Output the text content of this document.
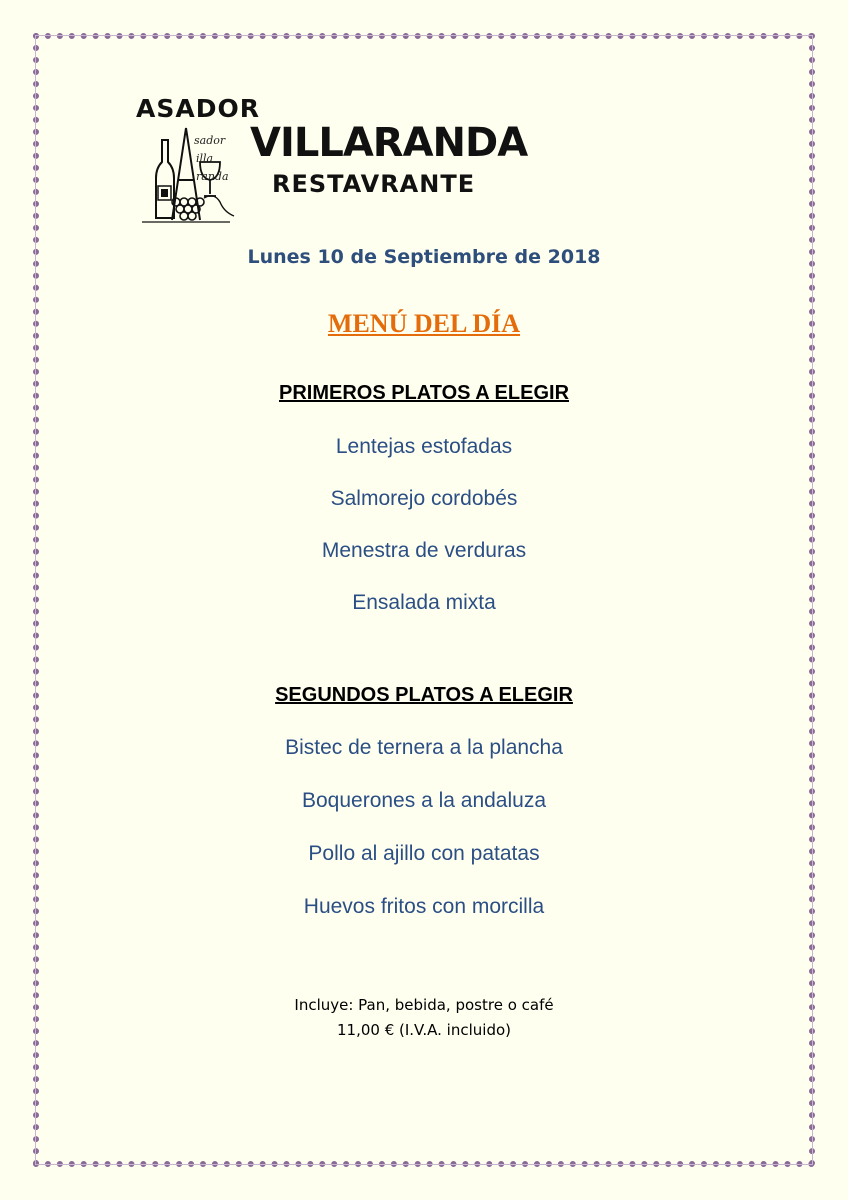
ASADOR
sador
illa
randa
VILLARANDA
RESTAVRANTE
Lunes 10 de Septiembre de 2018
MENÚ DEL DÍA
PRIMEROS PLATOS A ELEGIR
Lentejas estofadas
Salmorejo cordobés
Menestra de verduras
Ensalada mixta
SEGUNDOS PLATOS A ELEGIR
Bistec de ternera a la plancha
Boquerones a la andaluza
Pollo al ajillo con patatas
Huevos fritos con morcilla
Incluye: Pan, bebida, postre o café
11,00 € (I.V.A. incluido)
